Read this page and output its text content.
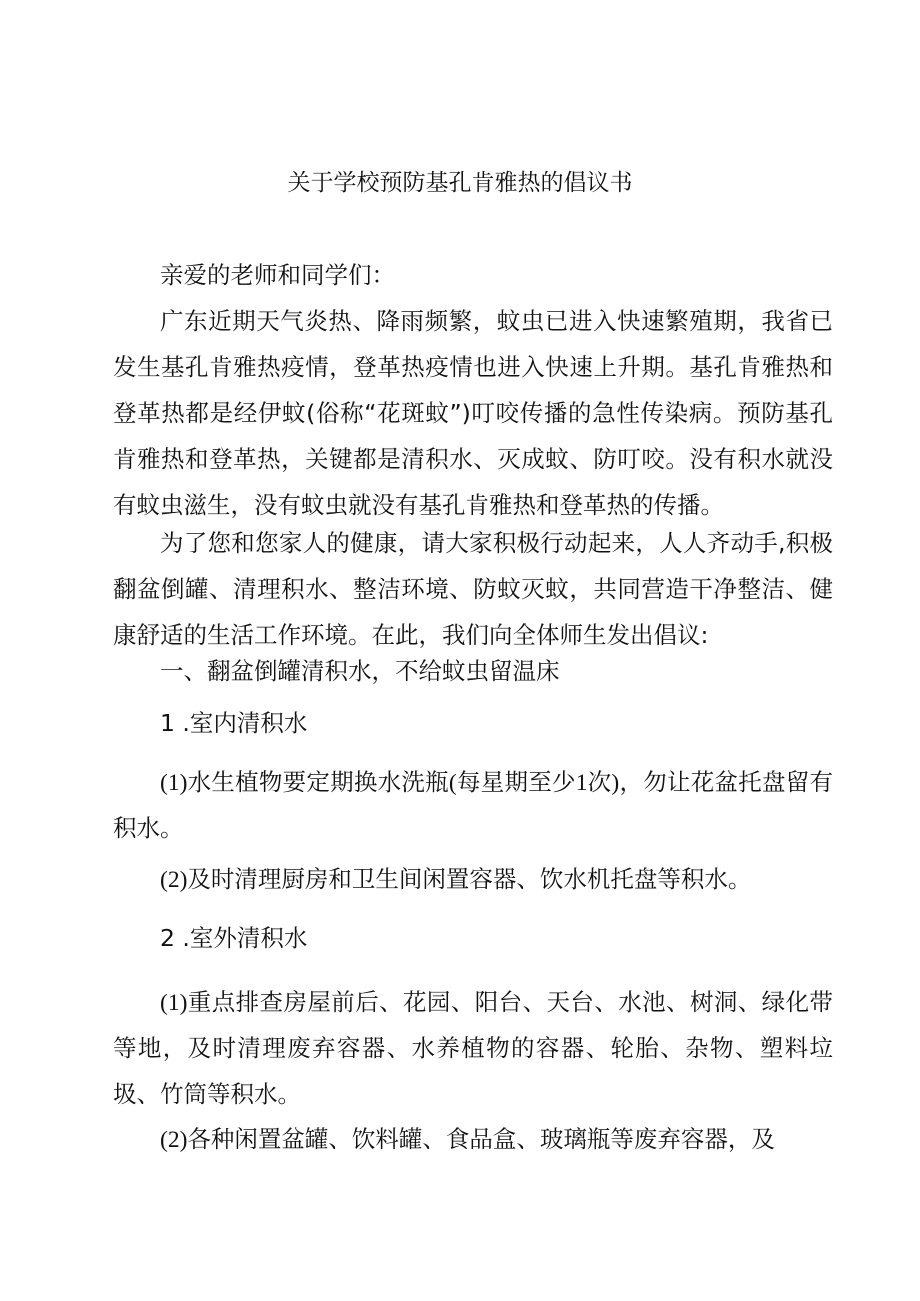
关于学校预防基孔肯雅热的倡议书

亲爱的老师和同学们：

广东近期天气炎热、降雨频繁，蚊虫已进入快速繁殖期，我省已发生基孔肯雅热疫情，登革热疫情也进入快速上升期。基孔肯雅热和登革热都是经伊蚊(俗称“花斑蚊”)叮咬传播的急性传染病。预防基孔肯雅热和登革热，关键都是清积水、灭成蚊、防叮咬。没有积水就没有蚊虫滋生，没有蚊虫就没有基孔肯雅热和登革热的传播。

为了您和您家人的健康，请大家积极行动起来，人人齐动手,积极翻盆倒罐、清理积水、整洁环境、防蚊灭蚊，共同营造干净整洁、健康舒适的生活工作环境。在此，我们向全体师生发出倡议:

一、翻盆倒罐清积水，不给蚊虫留温床

1 .室内清积水

(1)水生植物要定期换水洗瓶(每星期至少1次)，勿让花盆托盘留有积水。

(2)及时清理厨房和卫生间闲置容器、饮水机托盘等积水。

2 .室外清积水

(1)重点排查房屋前后、花园、阳台、天台、水池、树洞、绿化带等地，及时清理废弃容器、水养植物的容器、轮胎、杂物、塑料垃圾、竹筒等积水。

(2)各种闲置盆罐、饮料罐、食品盒、玻璃瓶等废弃容器，及
